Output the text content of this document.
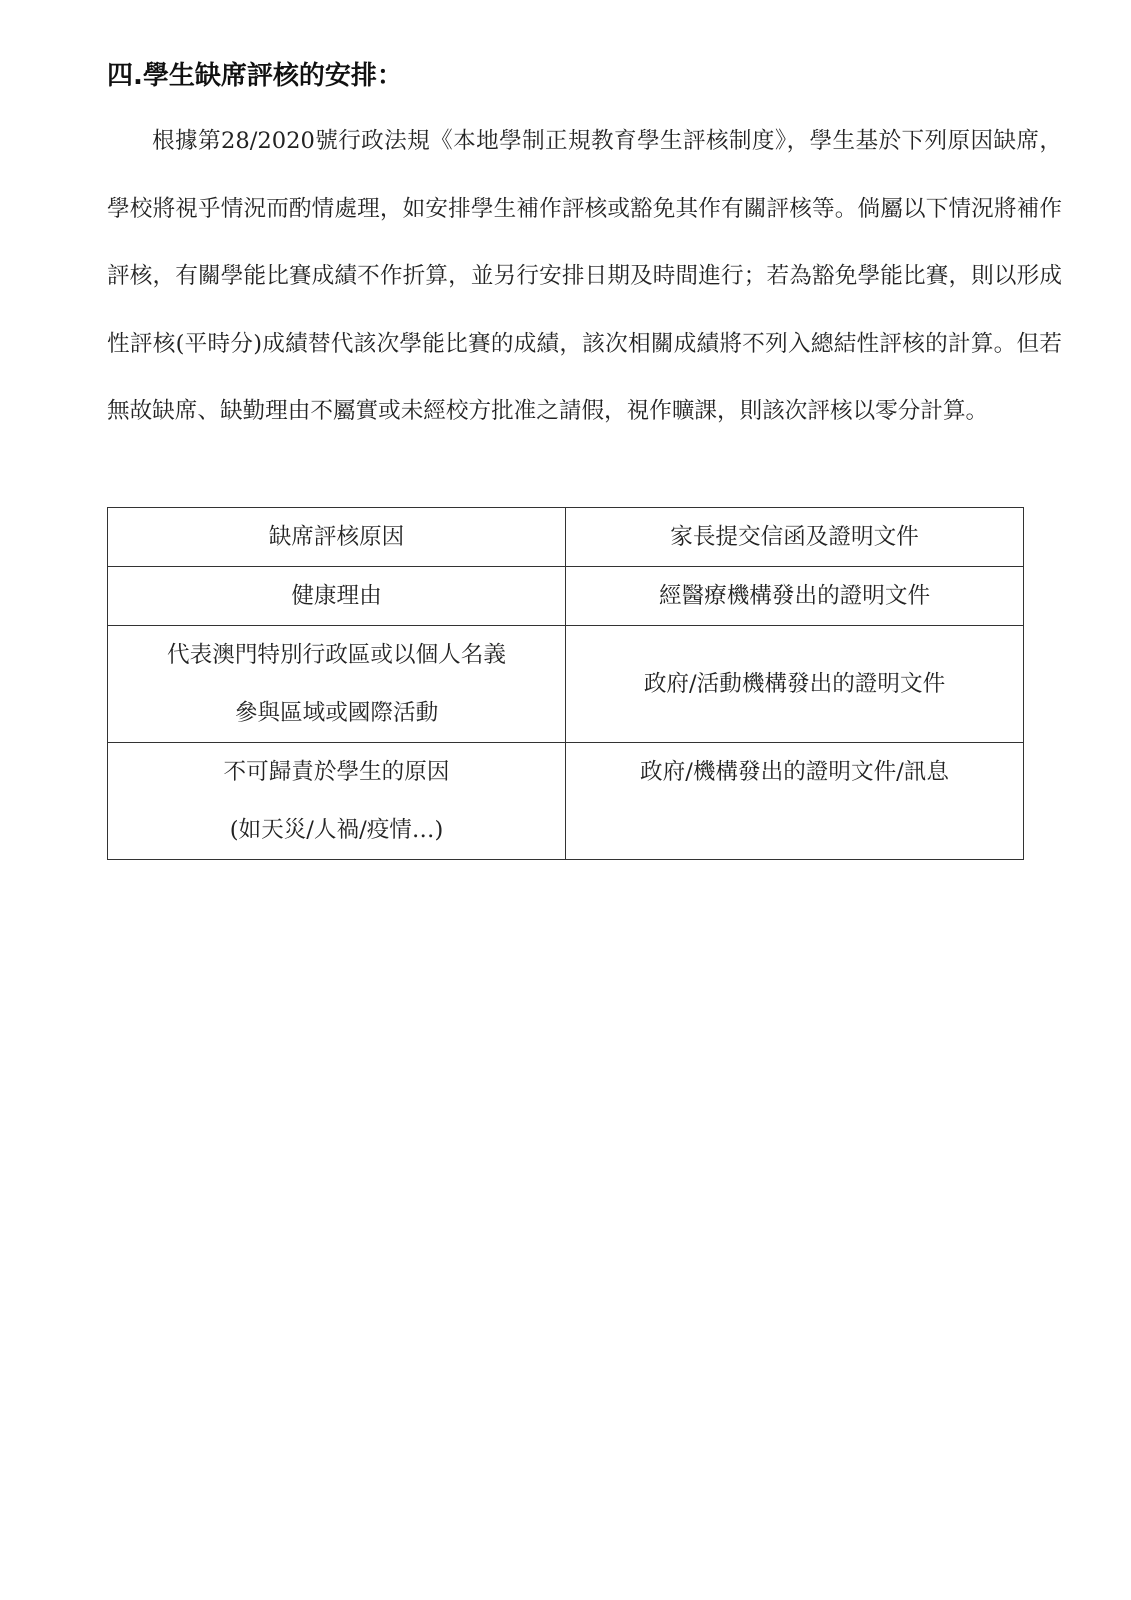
四.學生缺席評核的安排：

根據第28/2020號行政法規《本地學制正規教育學生評核制度》，學生基於下列原因缺席，學校將視乎情況而酌情處理，如安排學生補作評核或豁免其作有關評核等。倘屬以下情況將補作評核，有關學能比賽成績不作折算，並另行安排日期及時間進行；若為豁免學能比賽，則以形成性評核(平時分)成績替代該次學能比賽的成績，該次相關成績將不列入總結性評核的計算。但若無故缺席、缺勤理由不屬實或未經校方批准之請假，視作曠課，則該次評核以零分計算。

缺席評核原因	家長提交信函及證明文件

健康理由	經醫療機構發出的證明文件

代表澳門特別行政區或以個人名義
參與區域或國際活動	政府/活動機構發出的證明文件

不可歸責於學生的原因
(如天災/人禍/疫情…)	政府/機構發出的證明文件/訊息
